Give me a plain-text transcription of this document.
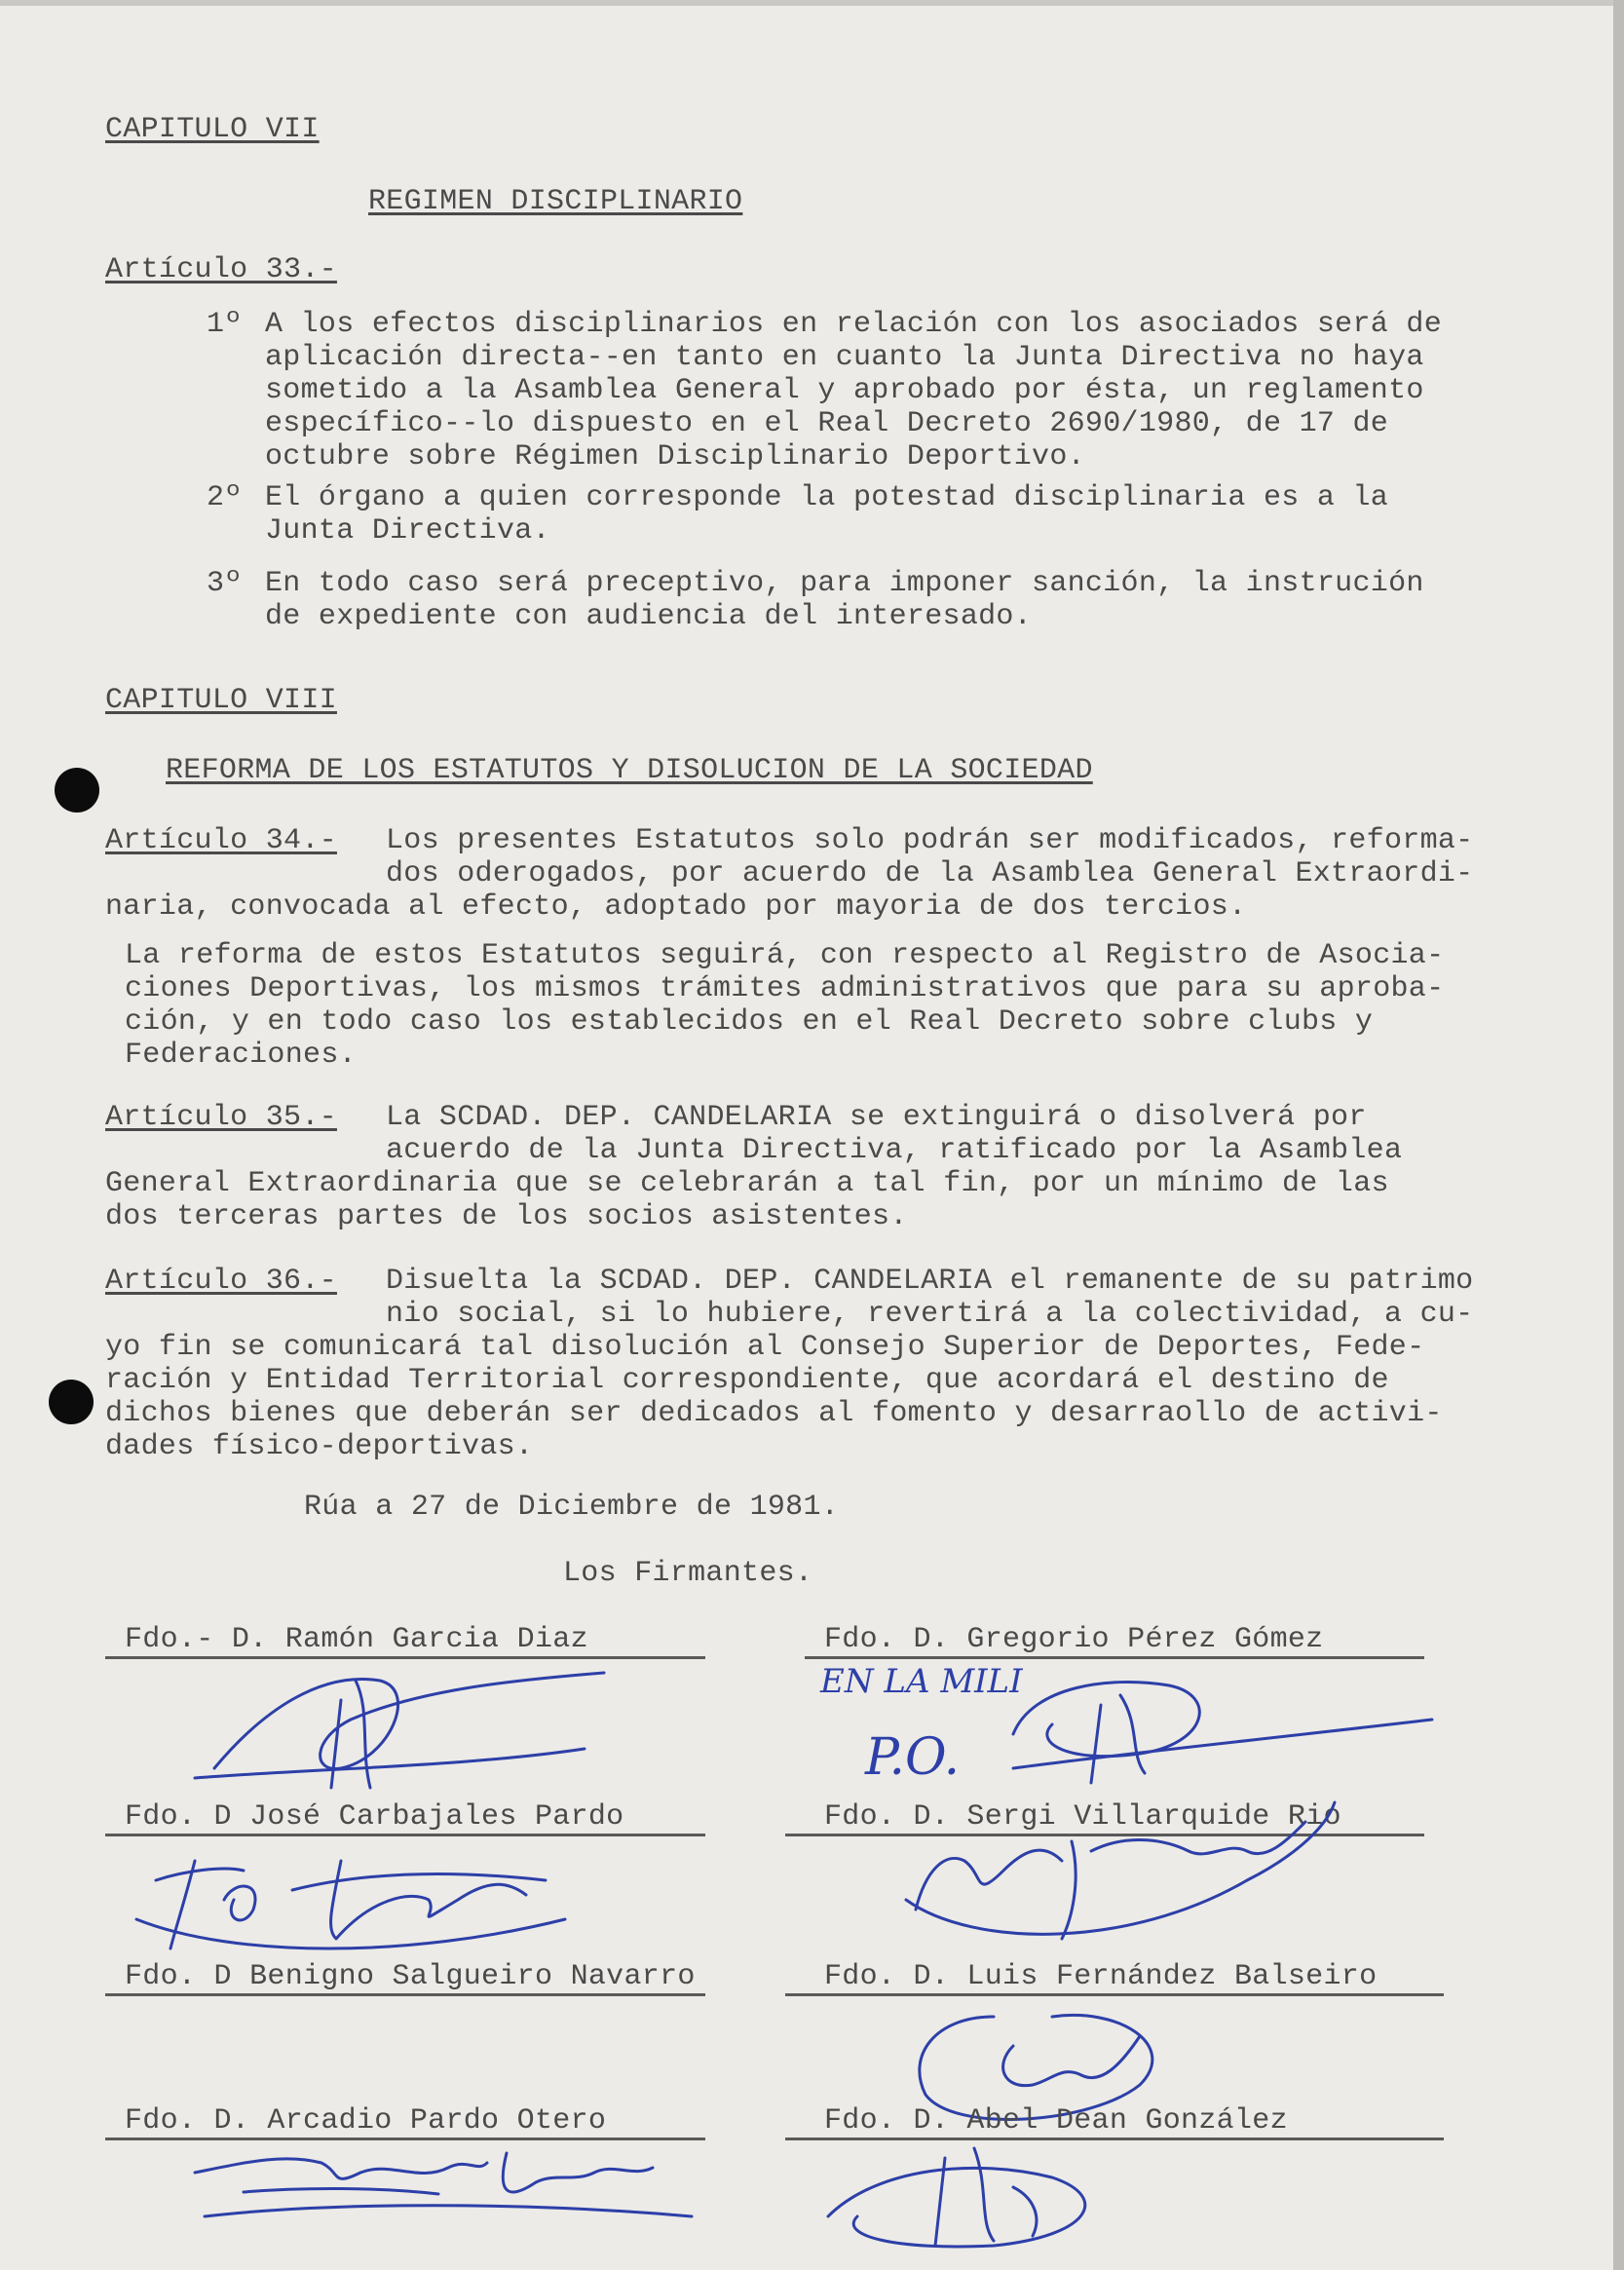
CAPITULO VII
REGIMEN DISCIPLINARIO
Artículo 33.-
1º A los efectos disciplinarios en relación con los asociados será de
aplicación directa--en tanto en cuanto la Junta Directiva no haya
sometido a la Asamblea General y aprobado por ésta, un reglamento
específico--lo dispuesto en el Real Decreto 2690/1980, de 17 de
octubre sobre Régimen Disciplinario Deportivo.
2º El órgano a quien corresponde la potestad disciplinaria es a la
Junta Directiva.
3º En todo caso será preceptivo, para imponer sanción, la instrución
de expediente con audiencia del interesado.
CAPITULO VIII
REFORMA DE LOS ESTATUTOS Y DISOLUCION DE LA SOCIEDAD
Artículo 34.- Los presentes Estatutos solo podrán ser modificados, reforma-
dos oderogados, por acuerdo de la Asamblea General Extraordi-
naria, convocada al efecto, adoptado por mayoria de dos tercios.
La reforma de estos Estatutos seguirá, con respecto al Registro de Asocia-
ciones Deportivas, los mismos trámites administrativos que para su aproba-
ción, y en todo caso los establecidos en el Real Decreto sobre clubs y
Federaciones.
Artículo 35.- La SCDAD. DEP. CANDELARIA se extinguirá o disolverá por
acuerdo de la Junta Directiva, ratificado por la Asamblea
General Extraordinaria que se celebrarán a tal fin, por un mínimo de las
dos terceras partes de los socios asistentes.
Artículo 36.- Disuelta la SCDAD. DEP. CANDELARIA el remanente de su patrimo
nio social, si lo hubiere, revertirá a la colectividad, a cu-
yo fin se comunicará tal disolución al Consejo Superior de Deportes, Fede-
ración y Entidad Territorial correspondiente, que acordará el destino de
dichos bienes que deberán ser dedicados al fomento y desarraollo de activi-
dades físico-deportivas.
Rúa a 27 de Diciembre de 1981.
Los Firmantes.
Fdo.- D. Ramón Garcia Diaz
Fdo. D José Carbajales Pardo
Fdo. D Benigno Salgueiro Navarro
Fdo. D. Arcadio Pardo Otero
Fdo. D. Gregorio Pérez Gómez
EN LA MILI
P.O.
Fdo. D. Sergi Villarquide Rio
Fdo. D. Luis Fernández Balseiro
Fdo. D. Abel Dean González
